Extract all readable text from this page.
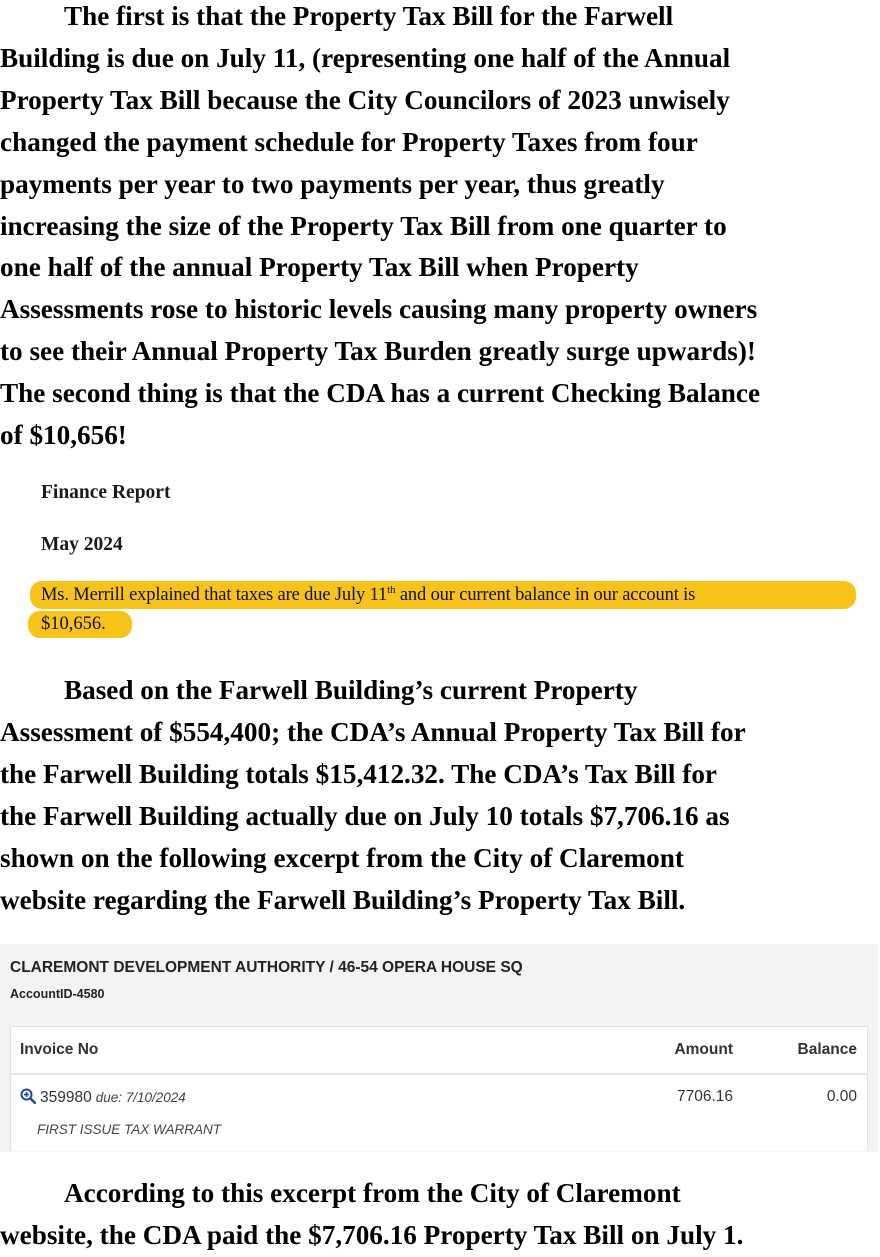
The first is that the Property Tax Bill for the Farwell
Building is due on July 11, (representing one half of the Annual
Property Tax Bill because the City Councilors of 2023 unwisely
changed the payment schedule for Property Taxes from four
payments per year to two payments per year, thus greatly
increasing the size of the Property Tax Bill from one quarter to
one half of the annual Property Tax Bill when Property
Assessments rose to historic levels causing many property owners
to see their Annual Property Tax Burden greatly surge upwards)!
The second thing is that the CDA has a current Checking Balance
of $10,656!
Finance Report
May 2024
Ms. Merrill explained that taxes are due July 11th and our current balance in our account is
$10,656.
Based on the Farwell Building’s current Property
Assessment of $554,400; the CDA’s Annual Property Tax Bill for
the Farwell Building totals $15,412.32. The CDA’s Tax Bill for
the Farwell Building actually due on July 10 totals $7,706.16 as
shown on the following excerpt from the City of Claremont
website regarding the Farwell Building’s Property Tax Bill.
CLAREMONT DEVELOPMENT AUTHORITY / 46-54 OPERA HOUSE SQ
AccountID-4580
Invoice No	Amount	Balance
359980 due: 7/10/2024	7706.16	0.00
FIRST ISSUE TAX WARRANT
According to this excerpt from the City of Claremont
website, the CDA paid the $7,706.16 Property Tax Bill on July 1.
